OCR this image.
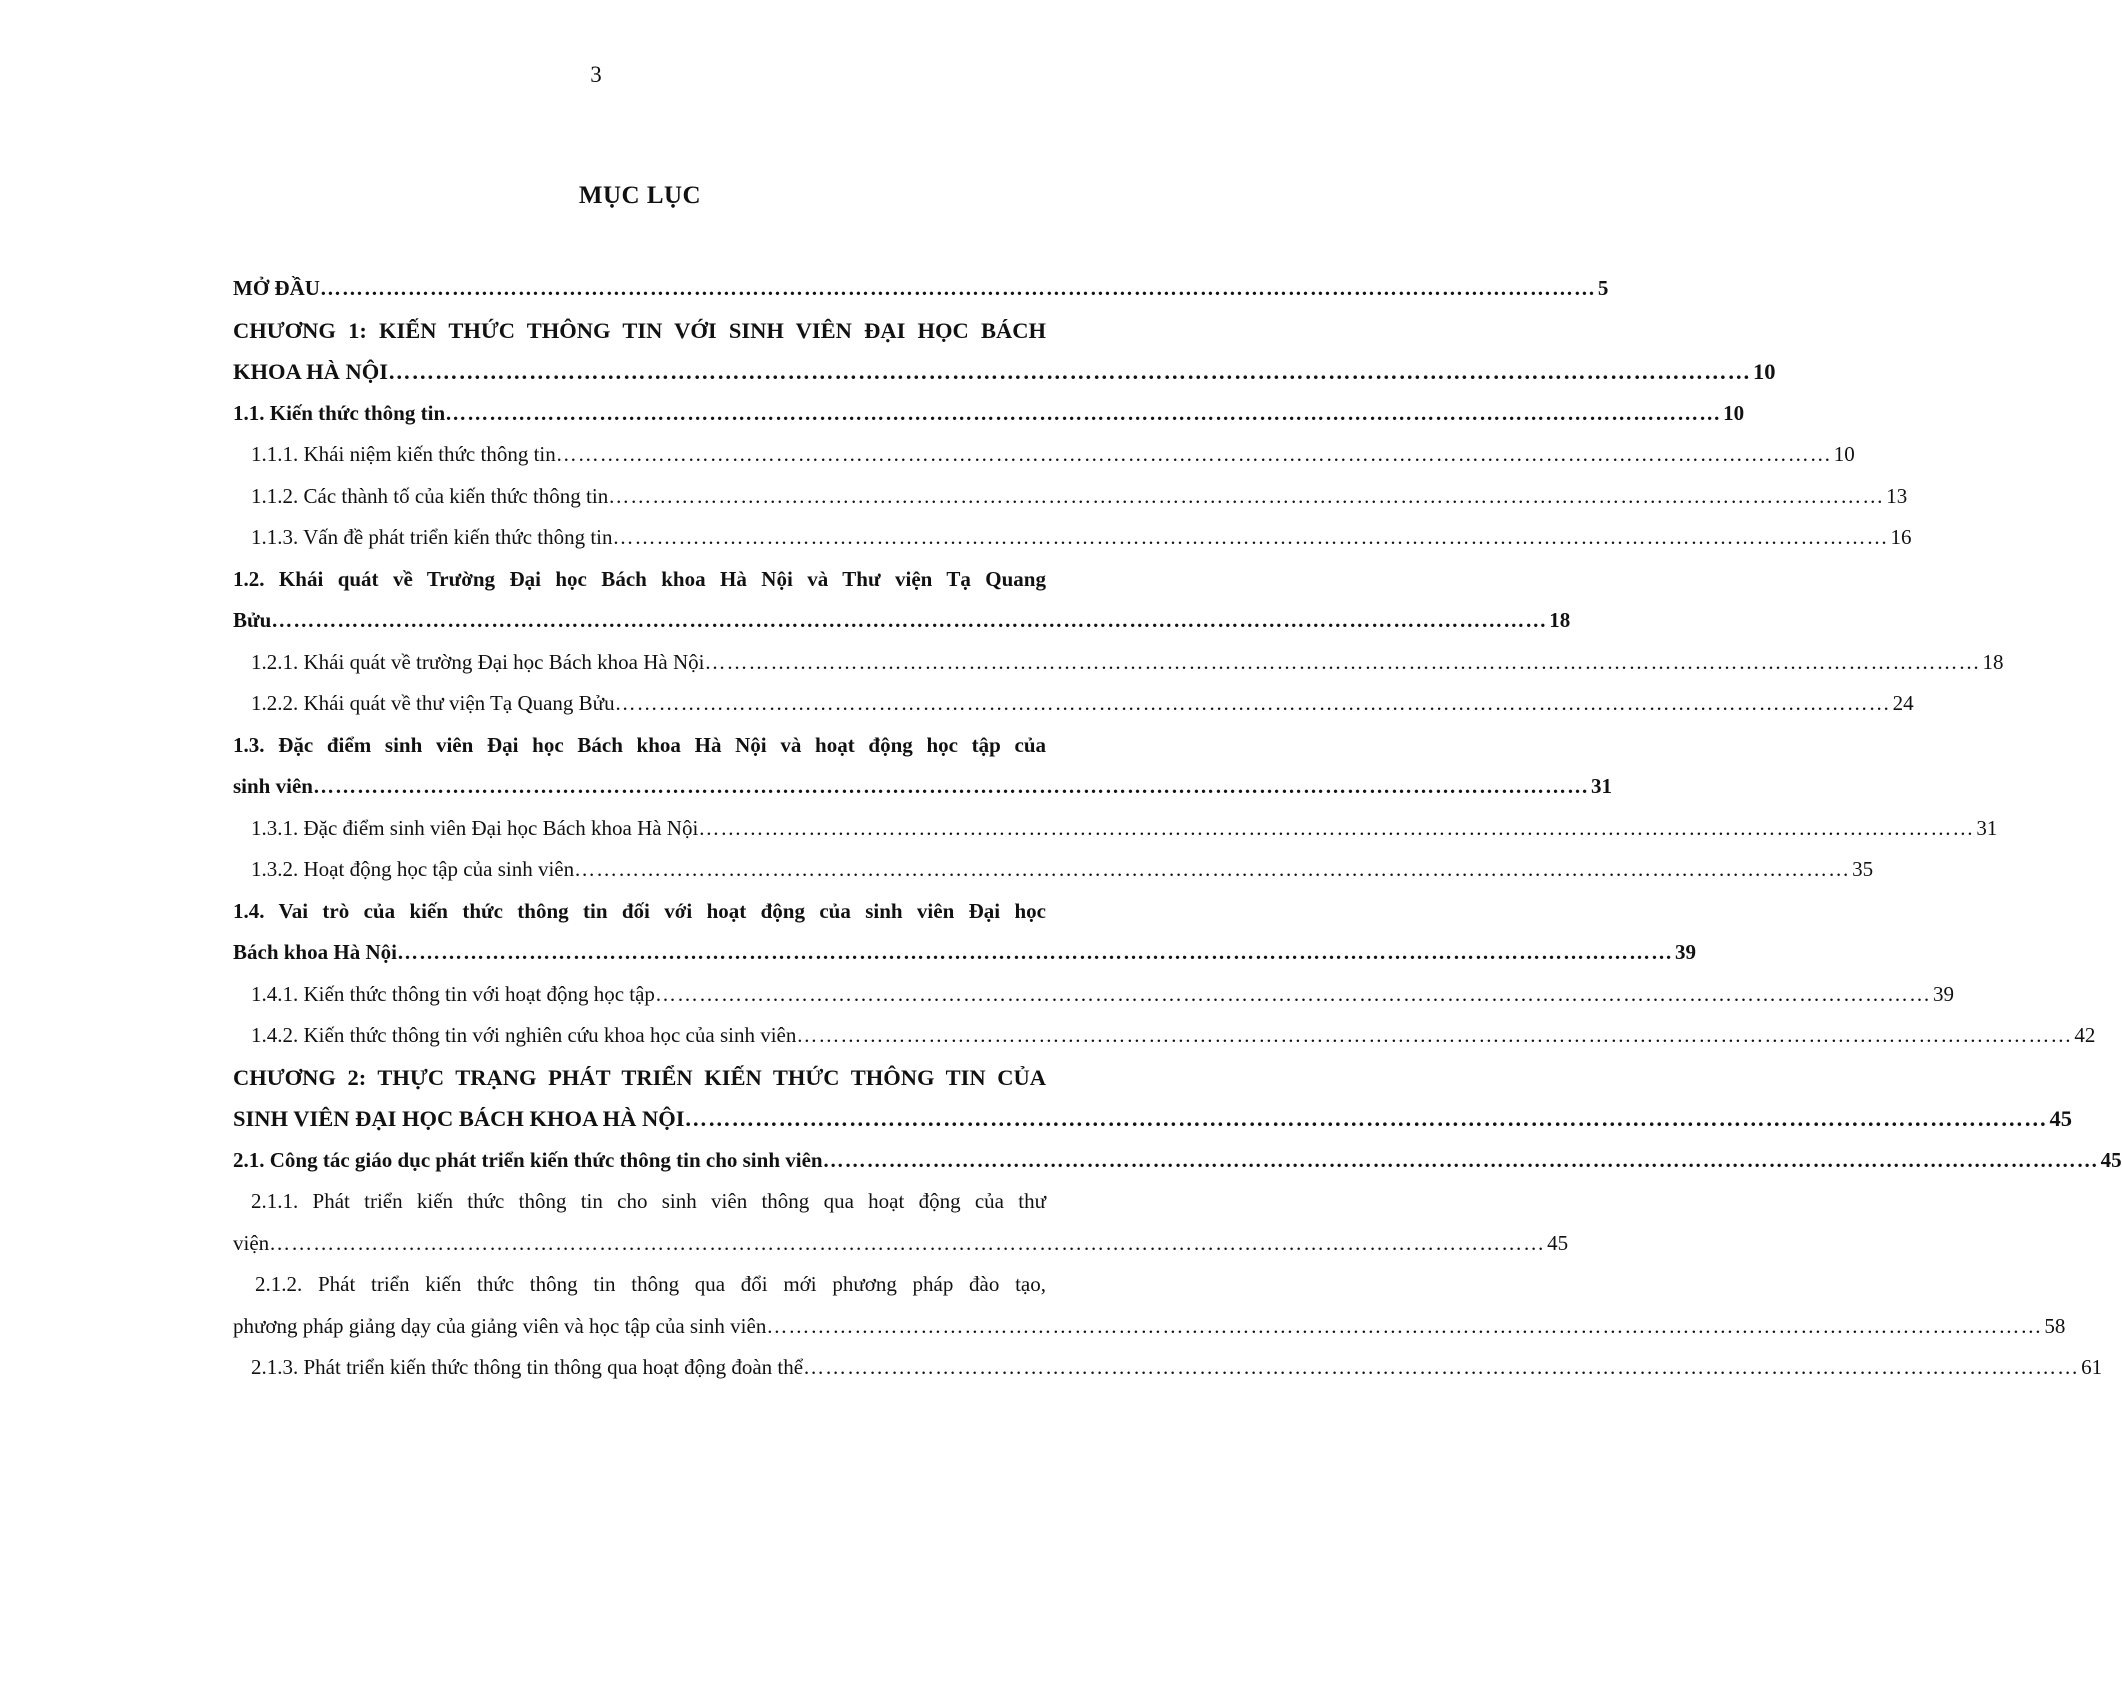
3
MỤC LỤC
MỞ ĐẦU …………………………………………………………………………………………………………………………………………………………	5
CHƯƠNG 1: KIẾN THỨC THÔNG TIN VỚI SINH VIÊN ĐẠI HỌC BÁCH
KHOA HÀ NỘI …………………………………………………………………………………………………………………………………………………………	10
1.1. Kiến thức thông tin …………………………………………………………………………………………………………………………………………………………	10
1.1.1. Khái niệm kiến thức thông tin …………………………………………………………………………………………………………………………………………………………	10
1.1.2. Các thành tố của kiến thức thông tin …………………………………………………………………………………………………………………………………………………………	13
1.1.3. Vấn đề phát triển kiến thức thông tin …………………………………………………………………………………………………………………………………………………………	16
1.2. Khái quát về Trường Đại học Bách khoa Hà Nội và Thư viện Tạ Quang
Bửu …………………………………………………………………………………………………………………………………………………………	18
1.2.1. Khái quát về trường Đại học Bách khoa Hà Nội …………………………………………………………………………………………………………………………………………………………	18
1.2.2. Khái quát về thư viện Tạ Quang Bửu …………………………………………………………………………………………………………………………………………………………	24
1.3. Đặc điểm sinh viên Đại học Bách khoa Hà Nội và hoạt động học tập của
sinh viên …………………………………………………………………………………………………………………………………………………………	31
1.3.1. Đặc điểm sinh viên Đại học Bách khoa Hà Nội …………………………………………………………………………………………………………………………………………………………	31
1.3.2. Hoạt động học tập của sinh viên …………………………………………………………………………………………………………………………………………………………	35
1.4. Vai trò của kiến thức thông tin đối với hoạt động của sinh viên Đại học
Bách khoa Hà Nội …………………………………………………………………………………………………………………………………………………………	39
1.4.1. Kiến thức thông tin với hoạt động học tập …………………………………………………………………………………………………………………………………………………………	39
1.4.2. Kiến thức thông tin với nghiên cứu khoa học của sinh viên …………………………………………………………………………………………………………………………………………………………	42
CHƯƠNG 2: THỰC TRẠNG PHÁT TRIỂN KIẾN THỨC THÔNG TIN CỦA
SINH VIÊN ĐẠI HỌC BÁCH KHOA HÀ NỘI …………………………………………………………………………………………………………………………………………………………	45
2.1. Công tác giáo dục phát triển kiến thức thông tin cho sinh viên …………………………………………………………………………………………………………………………………………………………	45
2.1.1. Phát triển kiến thức thông tin cho sinh viên thông qua hoạt động của thư
viện …………………………………………………………………………………………………………………………………………………………	45
2.1.2. Phát triển kiến thức thông tin thông qua đổi mới phương pháp đào tạo,
phương pháp giảng dạy của giảng viên và học tập của sinh viên …………………………………………………………………………………………………………………………………………………………	58
2.1.3. Phát triển kiến thức thông tin thông qua hoạt động đoàn thể …………………………………………………………………………………………………………………………………………………………	61
